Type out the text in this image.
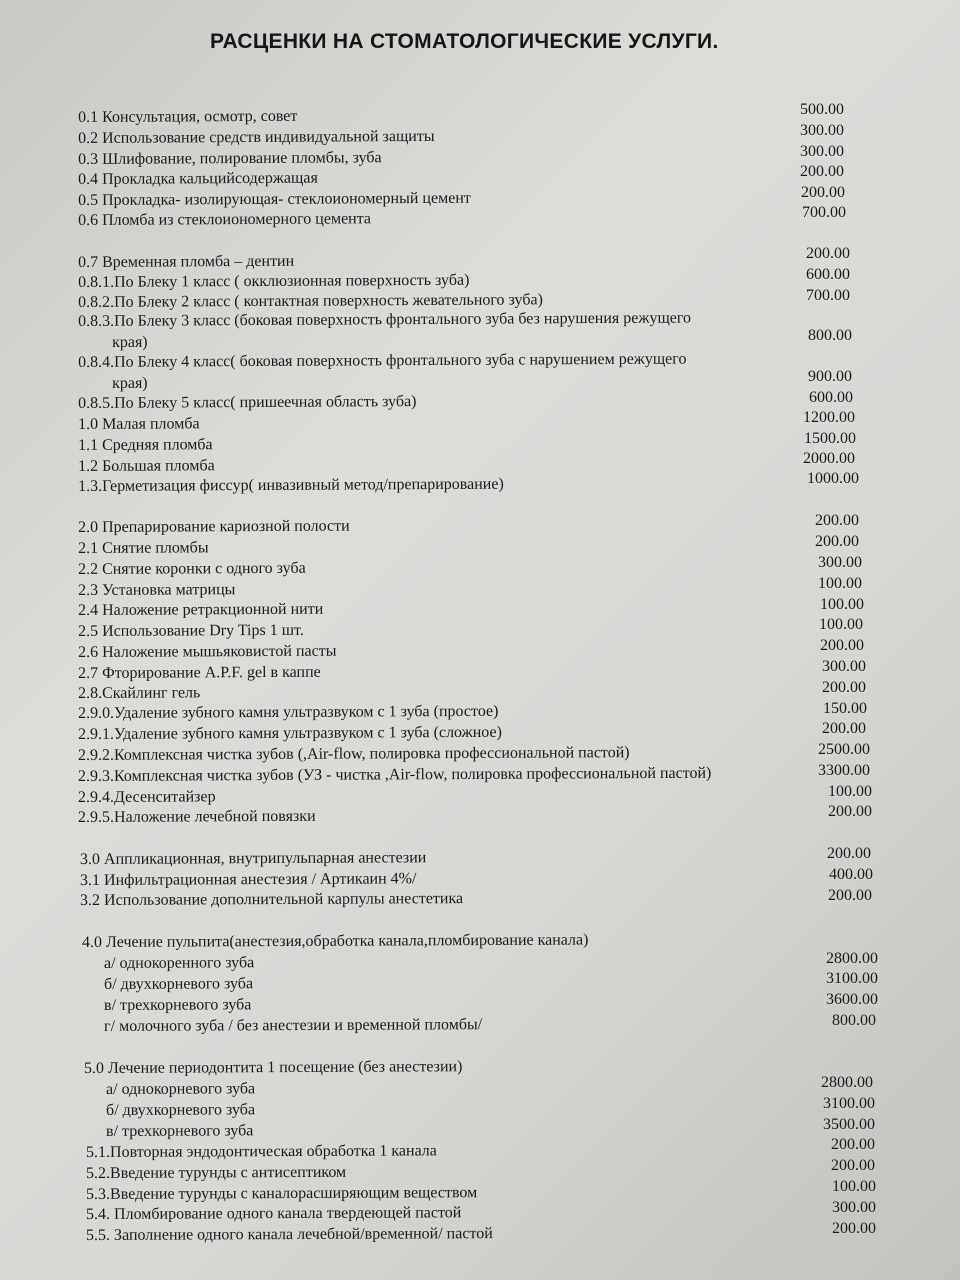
РАСЦЕНКИ НА СТОМАТОЛОГИЧЕСКИЕ УСЛУГИ.
0.1 Консультация, осмотр, совет
0.2 Использование средств индивидуальной защиты
0.3 Шлифование, полирование пломбы, зуба
0.4 Прокладка кальцийсодержащая
0.5 Прокладка- изолирующая- стеклоиономерный цемент
0.6 Пломба из стеклоиономерного цемента
0.7 Временная пломба – дентин
0.8.1.По Блеку 1 класс ( окклюзионная поверхность зуба)
0.8.2.По Блеку 2 класс ( контактная поверхность жевательного зуба)
0.8.3.По Блеку 3 класс (боковая поверхность фронтального зуба без нарушения режущего
края)
0.8.4.По Блеку 4 класс( боковая поверхность фронтального зуба с нарушением режущего
края)
0.8.5.По Блеку 5 класс( пришеечная область зуба)
1.0 Малая пломба
1.1 Средняя пломба
1.2 Большая пломба
1.3.Герметизация фиссур( инвазивный метод/препарирование)
2.0 Препарирование кариозной полости
2.1 Снятие пломбы
2.2 Снятие коронки с одного зуба
2.3 Установка матрицы
2.4 Наложение ретракционной нити
2.5 Использование Dry Tips 1 шт.
2.6 Наложение мышьяковистой пасты
2.7 Фторирование A.P.F. gel в каппе
2.8.Скайлинг гель
2.9.0.Удаление зубного камня ультразвуком с 1 зуба (простое)
2.9.1.Удаление зубного камня ультразвуком с 1 зуба (сложное)
2.9.2.Комплексная чистка зубов (,Air-flow, полировка профессиональной пастой)
2.9.3.Комплексная чистка зубов (УЗ - чистка ,Air-flow, полировка профессиональной пастой)
2.9.4.Десенситайзер
2.9.5.Наложение лечебной повязки
3.0 Аппликационная, внутрипульпарная анестезии
3.1 Инфильтрационная анестезия / Артикаин 4%/
3.2 Использование дополнительной карпулы анестетика
4.0 Лечение пульпита(анестезия,обработка канала,пломбирование канала)
а/ однокоренного зуба
б/ двухкорневого зуба
в/ трехкорневого зуба
г/ молочного зуба / без анестезии и временной пломбы/
5.0 Лечение периодонтита 1 посещение (без анестезии)
а/ однокорневого зуба
б/ двухкорневого зуба
в/ трехкорневого зуба
5.1.Повторная эндодонтическая обработка 1 канала
5.2.Введение турунды с антисептиком
5.3.Введение турунды с каналорасширяющим веществом
5.4. Пломбирование одного канала твердеющей пастой
5.5. Заполнение одного канала лечебной/временной/ пастой
500.00
300.00
300.00
200.00
200.00
700.00
200.00
600.00
700.00
800.00
900.00
600.00
1200.00
1500.00
2000.00
1000.00
200.00
200.00
300.00
100.00
100.00
100.00
200.00
300.00
200.00
150.00
200.00
2500.00
3300.00
100.00
200.00
200.00
400.00
200.00
2800.00
3100.00
3600.00
800.00
2800.00
3100.00
3500.00
200.00
200.00
100.00
300.00
200.00
